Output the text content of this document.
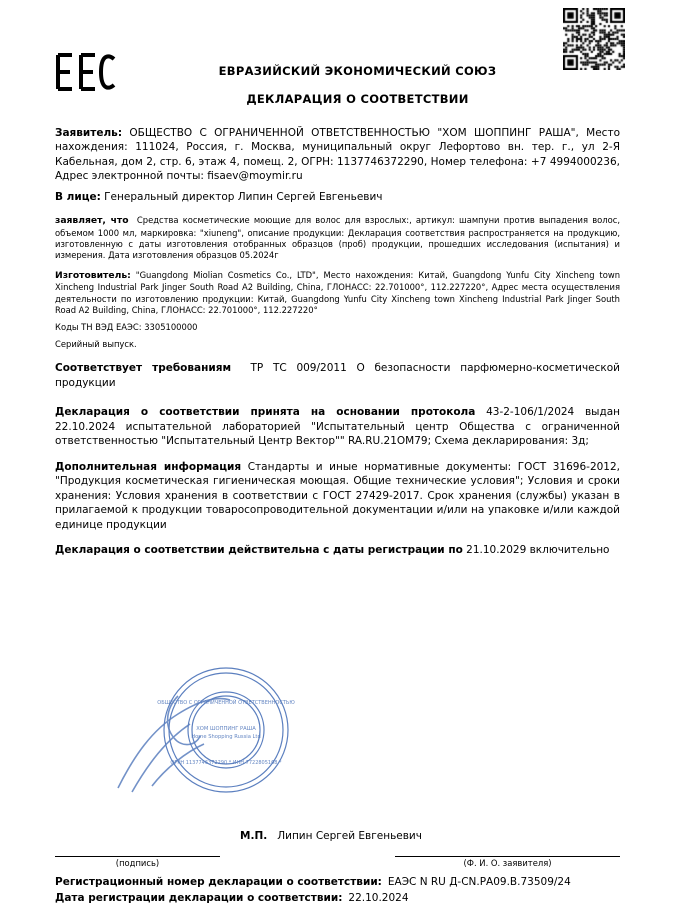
ЕВРАЗИЙСКИЙ ЭКОНОМИЧЕСКИЙ СОЮЗ
ДЕКЛАРАЦИЯ О СООТВЕТСТВИИ
Заявитель: ОБЩЕСТВО С ОГРАНИЧЕННОЙ ОТВЕТСТВЕННОСТЬЮ "ХОМ ШОППИНГ РАША", Место нахождения: 111024, Россия, г. Москва, муниципальный округ Лефортово вн. тер. г., ул 2-Я Кабельная, дом 2, стр. 6, этаж 4, помещ. 2, ОГРН: 1137746372290, Номер телефона: +7 4994000236, Адрес электронной почты: fisaev@moymir.ru
В лице: Генеральный директор Липин Сергей Евгеньевич
заявляет, что Средства косметические моющие для волос для взрослых:, артикул: шампуни против выпадения волос, объемом 1000 мл, маркировка: "xiuneng", описание продукции: Декларация соответствия распространяется на продукцию, изготовленную с даты изготовления отобранных образцов (проб) продукции, прошедших исследования (испытания) и измерения. Дата изготовления образцов 05.2024г
Изготовитель: "Guangdong Miolian Cosmetics Co., LTD", Место нахождения: Китай, Guangdong Yunfu City Xincheng town Xincheng Industrial Park Jinger South Road A2 Building, China, ГЛОНАСС: 22.701000°, 112.227220°, Адрес места осуществления деятельности по изготовлению продукции: Китай, Guangdong Yunfu City Xincheng town Xincheng Industrial Park Jinger South Road A2 Building, China, ГЛОНАСС: 22.701000°, 112.227220°
Коды ТН ВЭД ЕАЭС: 3305100000
Серийный выпуск.
Соответствует требованиям ТР ТС 009/2011 О безопасности парфюмерно-косметической продукции
Декларация о соответствии принята на основании протокола 43-2-106/1/2024 выдан 22.10.2024 испытательной лабораторией "Испытательный центр Общества с ограниченной ответственностью "Испытательный Центр Вектор"" RA.RU.21ОМ79; Схема декларирования: 3д;
Дополнительная информация Стандарты и иные нормативные документы: ГОСТ 31696-2012, "Продукция косметическая гигиеническая моющая. Общие технические условия"; Условия и сроки хранения: Условия хранения в соответствии с ГОСТ 27429-2017. Срок хранения (службы) указан в прилагаемой к продукции товаросопроводительной документации и/или на упаковке и/или каждой единице продукции
Декларация о соответствии действительна с даты регистрации по 21.10.2029 включительно
ХОМ ШОППИНГ РАША
Home Shopping Russia Ltd
ОБЩЕСТВО С ОГРАНИЧЕННОЙ ОТВЕТСТВЕННОСТЬЮ
ОГРН 1137746372290 * ИНН 7722805168 *
М.П. Липин Сергей Евгеньевич
(подпись)	(Ф. И. О. заявителя)
Регистрационный номер декларации о соответствии: ЕАЭС N RU Д-CN.РА09.В.73509/24
Дата регистрации декларации о соответствии: 22.10.2024
